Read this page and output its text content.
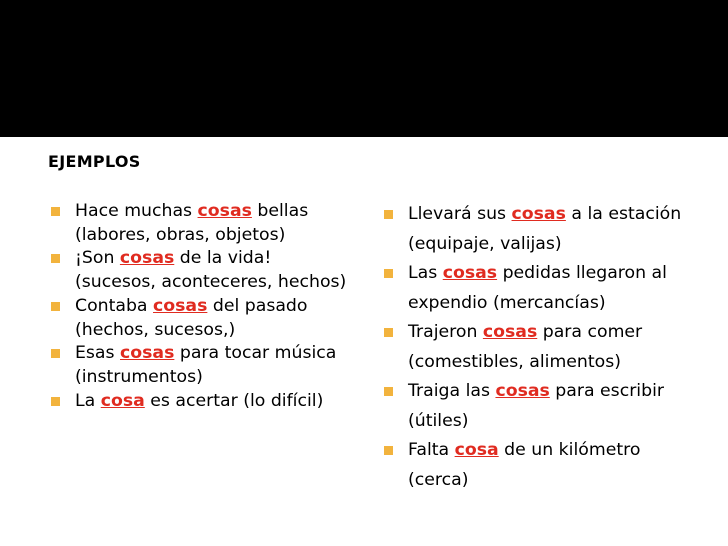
EJEMPLOS
Hace muchas cosas bellas (labores, obras, objetos)
¡Son cosas de la vida! (sucesos, aconteceres, hechos)
Contaba cosas del pasado (hechos, sucesos,)
Esas cosas para tocar música (instrumentos)
La cosa es acertar (lo difícil)
Llevará sus cosas a la estación (equipaje, valijas)
Las cosas pedidas llegaron al expendio (mercancías)
Trajeron cosas para comer (comestibles, alimentos)
Traiga las cosas para escribir (útiles)
Falta cosa de un kilómetro (cerca)
